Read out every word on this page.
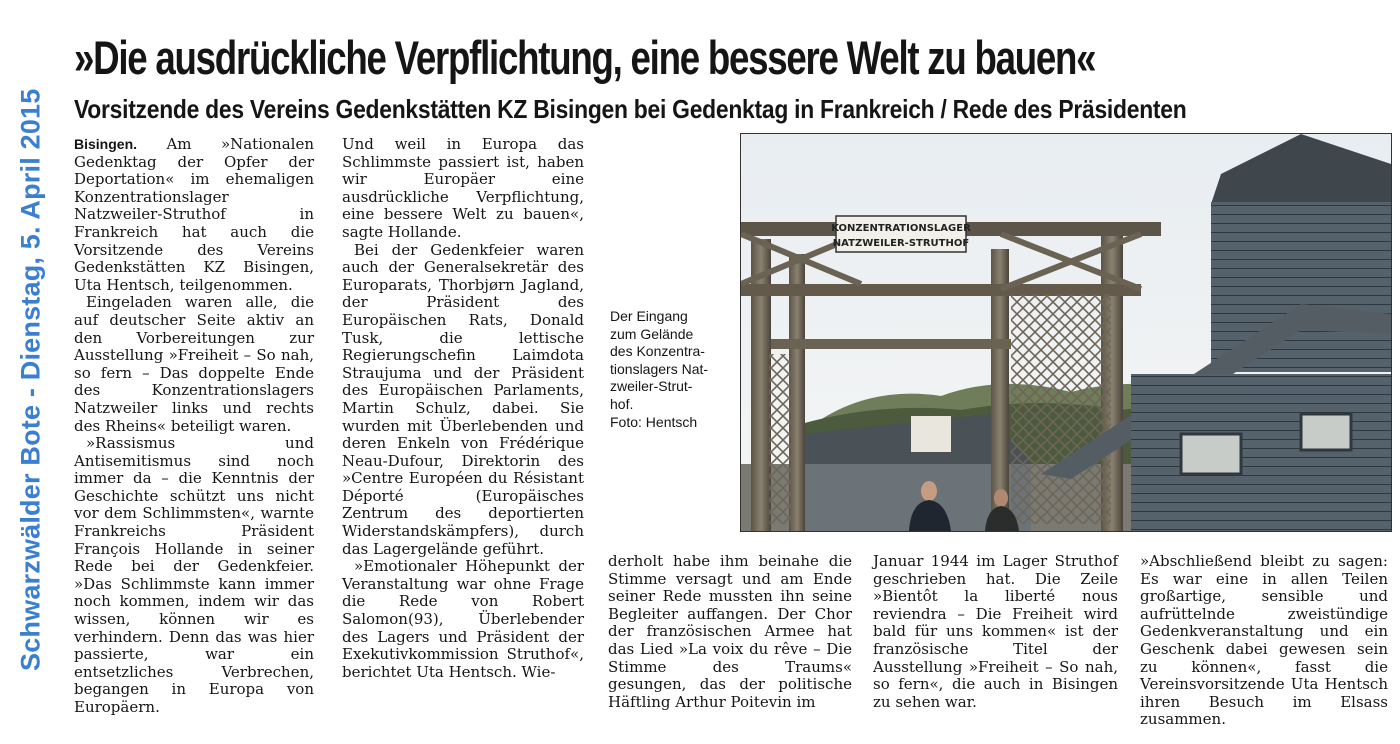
Schwarzwälder Bote - Dienstag, 5. April 2015
»Die ausdrückliche Verpflichtung, eine bessere Welt zu bauen«
Vorsitzende des Vereins Gedenkstätten KZ Bisingen bei Gedenktag in Frankreich / Rede des Präsidenten

Bisingen. Am »Nationalen Gedenktag der Opfer der Deportation« im ehemaligen Konzentrationslager Natzweiler-Struthof in Frankreich hat auch die Vorsitzende des Vereins Gedenkstätten KZ Bisingen, Uta Hentsch, teilgenommen.

Eingeladen waren alle, die auf deutscher Seite aktiv an den Vorbereitungen zur Ausstellung »Freiheit – So nah, so fern – Das doppelte Ende des Konzentrationslagers Natzweiler links und rechts des Rheins« beteiligt waren.

»Rassismus und Antisemitismus sind noch immer da – die Kenntnis der Geschichte schützt uns nicht vor dem Schlimmsten«, warnte Frankreichs Präsident François Hollande in seiner Rede bei der Gedenkfeier. »Das Schlimmste kann immer noch kommen, indem wir das wissen, können wir es verhindern. Denn das was hier passierte, war ein entsetzliches Verbrechen, begangen in Europa von Europäern.

Und weil in Europa das Schlimmste passiert ist, haben wir Europäer eine ausdrückliche Verpflichtung, eine bessere Welt zu bauen«, sagte Hollande.

Bei der Gedenkfeier waren auch der Generalsekretär des Europarats, Thorbjørn Jagland, der Präsident des Europäischen Rats, Donald Tusk, die lettische Regierungschefin Laimdota Straujuma und der Präsident des Europäischen Parlaments, Martin Schulz, dabei. Sie wurden mit Überlebenden und deren Enkeln von Frédérique Neau-Dufour, Direktorin des »Centre Européen du Résistant Déporté (Europäisches Zentrum des deportierten Widerstandskämpfers), durch das Lagergelände geführt.

»Emotionaler Höhepunkt der Veranstaltung war ohne Frage die Rede von Robert Salomon(93), Überlebender des Lagers und Präsident der Exekutivkommission Struthof«, berichtet Uta Hentsch. Wie-

derholt habe ihm beinahe die Stimme versagt und am Ende seiner Rede mussten ihn seine Begleiter auffangen. Der Chor der französischen Armee hat das Lied »La voix du rêve – Die Stimme des Traums« gesungen, das der politische Häftling Arthur Poitevin im

Januar 1944 im Lager Struthof geschrieben hat. Die Zeile »Bientôt la liberté nous reviendra – Die Freiheit wird bald für uns kommen« ist der französische Titel der Ausstellung »Freiheit – So nah, so fern«, die auch in Bisingen zu sehen war.

»Abschließend bleibt zu sagen: Es war eine in allen Teilen großartige, sensible und aufrüttelnde zweistündige Gedenkveranstaltung und ein Geschenk dabei gewesen sein zu können«, fasst die Vereinsvorsitzende Uta Hentsch ihren Besuch im Elsass zusammen.

Der Eingang
zum Gelände
des Konzentra-
tionslagers Nat-
zweiler-Strut-
hof.
Foto: Hentsch
KONZENTRATIONSLAGER
NATZWEILER-STRUTHOF
